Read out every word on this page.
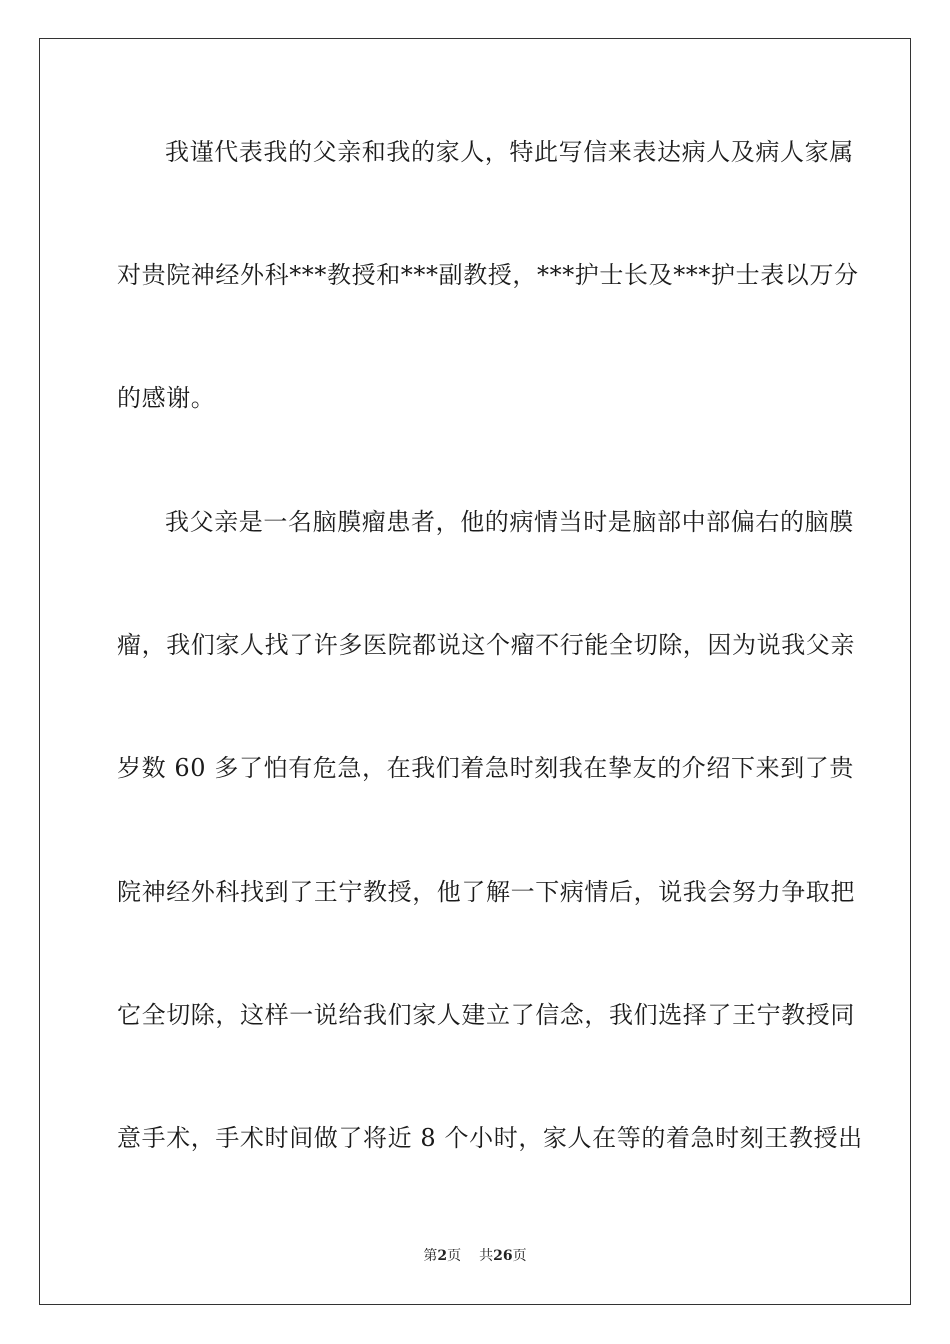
我谨代表我的父亲和我的家人，特此写信来表达病人及病人家属
对贵院神经外科***教授和***副教授，***护士长及***护士表以万分
的感谢。
我父亲是一名脑膜瘤患者，他的病情当时是脑部中部偏右的脑膜
瘤，我们家人找了许多医院都说这个瘤不行能全切除，因为说我父亲
岁数 60 多了怕有危急，在我们着急时刻我在挚友的介绍下来到了贵
院神经外科找到了王宁教授，他了解一下病情后，说我会努力争取把
它全切除，这样一说给我们家人建立了信念，我们选择了王宁教授同
意手术，手术时间做了将近 8 个小时，家人在等的着急时刻王教授出
第2页 共26页
